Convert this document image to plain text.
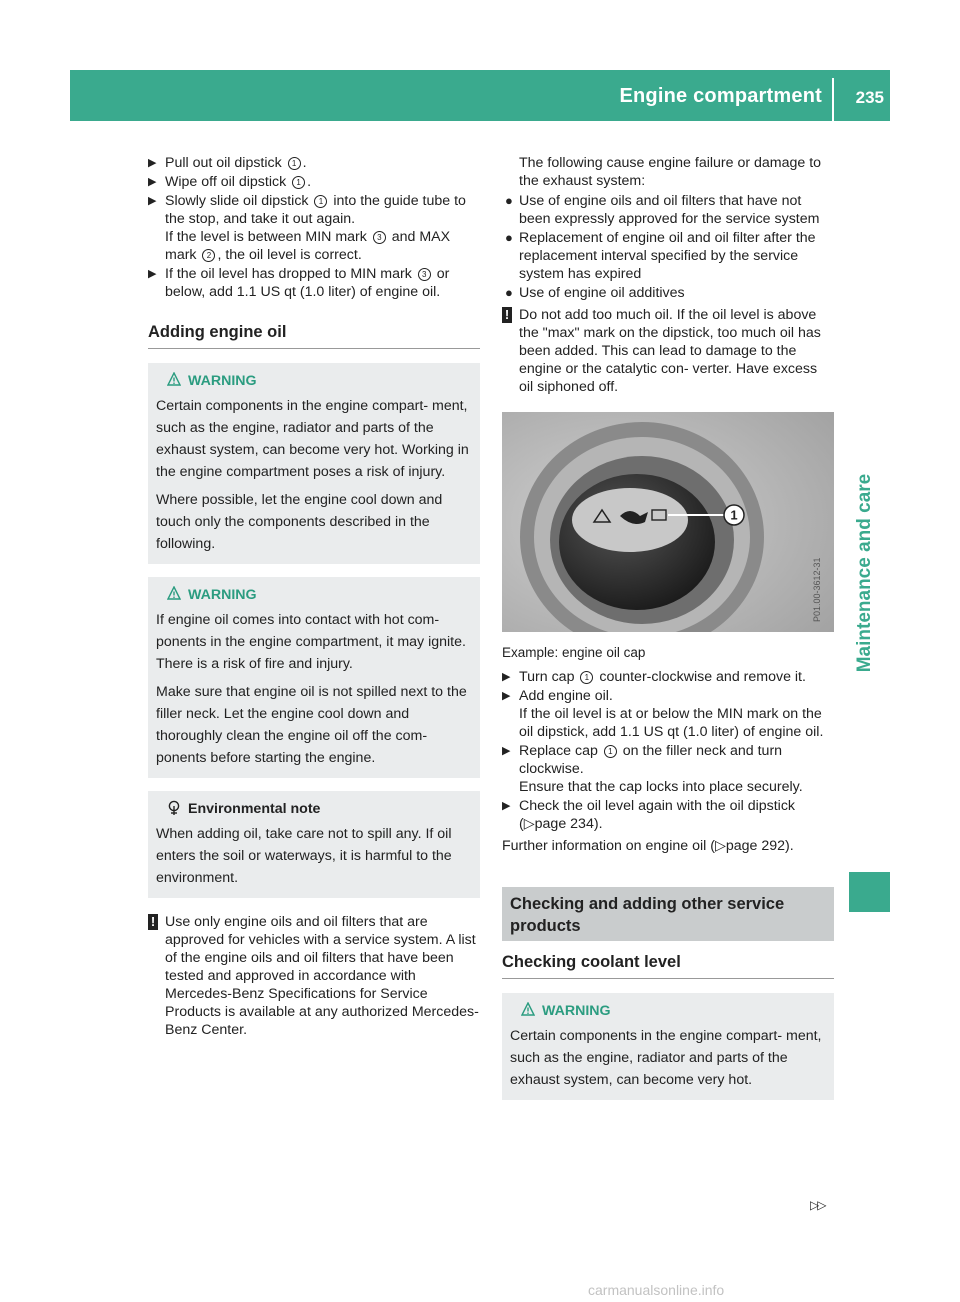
Engine compartment 235
Maintenance and care

▶ Pull out oil dipstick 1 .

▶ Wipe off oil dipstick 1 .

▶ Slowly slide oil dipstick 1 into the guide tube to the stop, and take it out again.
If the level is between MIN mark 3 and MAX mark 2 , the oil level is correct.

▶ If the oil level has dropped to MIN mark 3 or below, add 1.1 US qt (1.0 liter) of engine oil.

Adding engine oil
WARNING

Certain components in the engine compart- ment, such as the engine, radiator and parts of the exhaust system, can become very hot. Working in the engine compartment poses a risk of injury.

Where possible, let the engine cool down and touch only the components described in the following.

WARNING

If engine oil comes into contact with hot com- ponents in the engine compartment, it may ignite. There is a risk of fire and injury.

Make sure that engine oil is not spilled next to the filler neck. Let the engine cool down and thoroughly clean the engine oil off the com- ponents before starting the engine.

Environmental note

When adding oil, take care not to spill any. If oil enters the soil or waterways, it is harmful to the environment.

! Use only engine oils and oil filters that are approved for vehicles with a service system. A list of the engine oils and oil filters that have been tested and approved in accordance with Mercedes-Benz Specifications for Service Products is available at any authorized Mercedes-Benz Center.

The following cause engine failure or damage to the exhaust system:

● Use of engine oils and oil filters that have not been expressly approved for the service system

● Replacement of engine oil and oil filter after the replacement interval specified by the service system has expired

● Use of engine oil additives

! Do not add too much oil. If the oil level is above the "max" mark on the dipstick, too much oil has been added. This can lead to damage to the engine or the catalytic con- verter. Have excess oil siphoned off.

1
P01.00-3612-31

Example: engine oil cap

▶ Turn cap 1 counter-clockwise and remove it.

▶ Add engine oil.
If the oil level is at or below the MIN mark on the oil dipstick, add 1.1 US qt (1.0 liter) of engine oil.

▶ Replace cap 1 on the filler neck and turn clockwise.
Ensure that the cap locks into place securely.

▶ Check the oil level again with the oil dipstick (▷page 234).

Further information on engine oil (▷page 292).

Checking and adding other service products
Checking coolant level
WARNING

Certain components in the engine compart- ment, such as the engine, radiator and parts of the exhaust system, can become very hot.

▷▷
carmanualsonline.info
